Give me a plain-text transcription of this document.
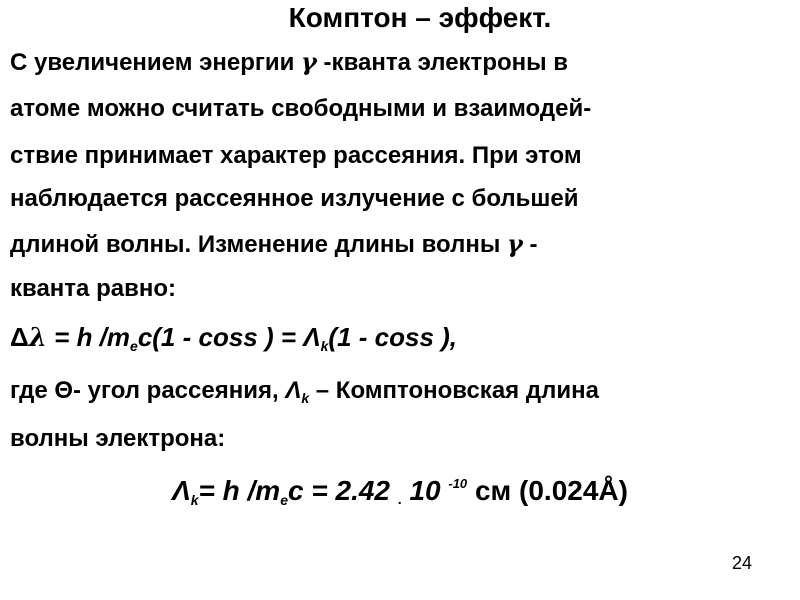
Комптон – эффект.
С увеличением энергии γ -кванта электроны в
атоме можно считать свободными и взаимодей-
ствие принимает характер рассеяния. При этом
наблюдается рассеянное излучение с большей
длиной волны. Изменение длины волны γ -
кванта равно:
Δλ = h $/m_ec(1$ - coss ) = $\Lambda_k(1$ - coss ),
где Θ- угол рассеяния, $\Lambda_k$ – Комптоновская длина
волны электрона:
$\Lambda_k= h$ $/m_ec = 2.42$ . 10 $^{-10}$ см (0.024Å)
24
